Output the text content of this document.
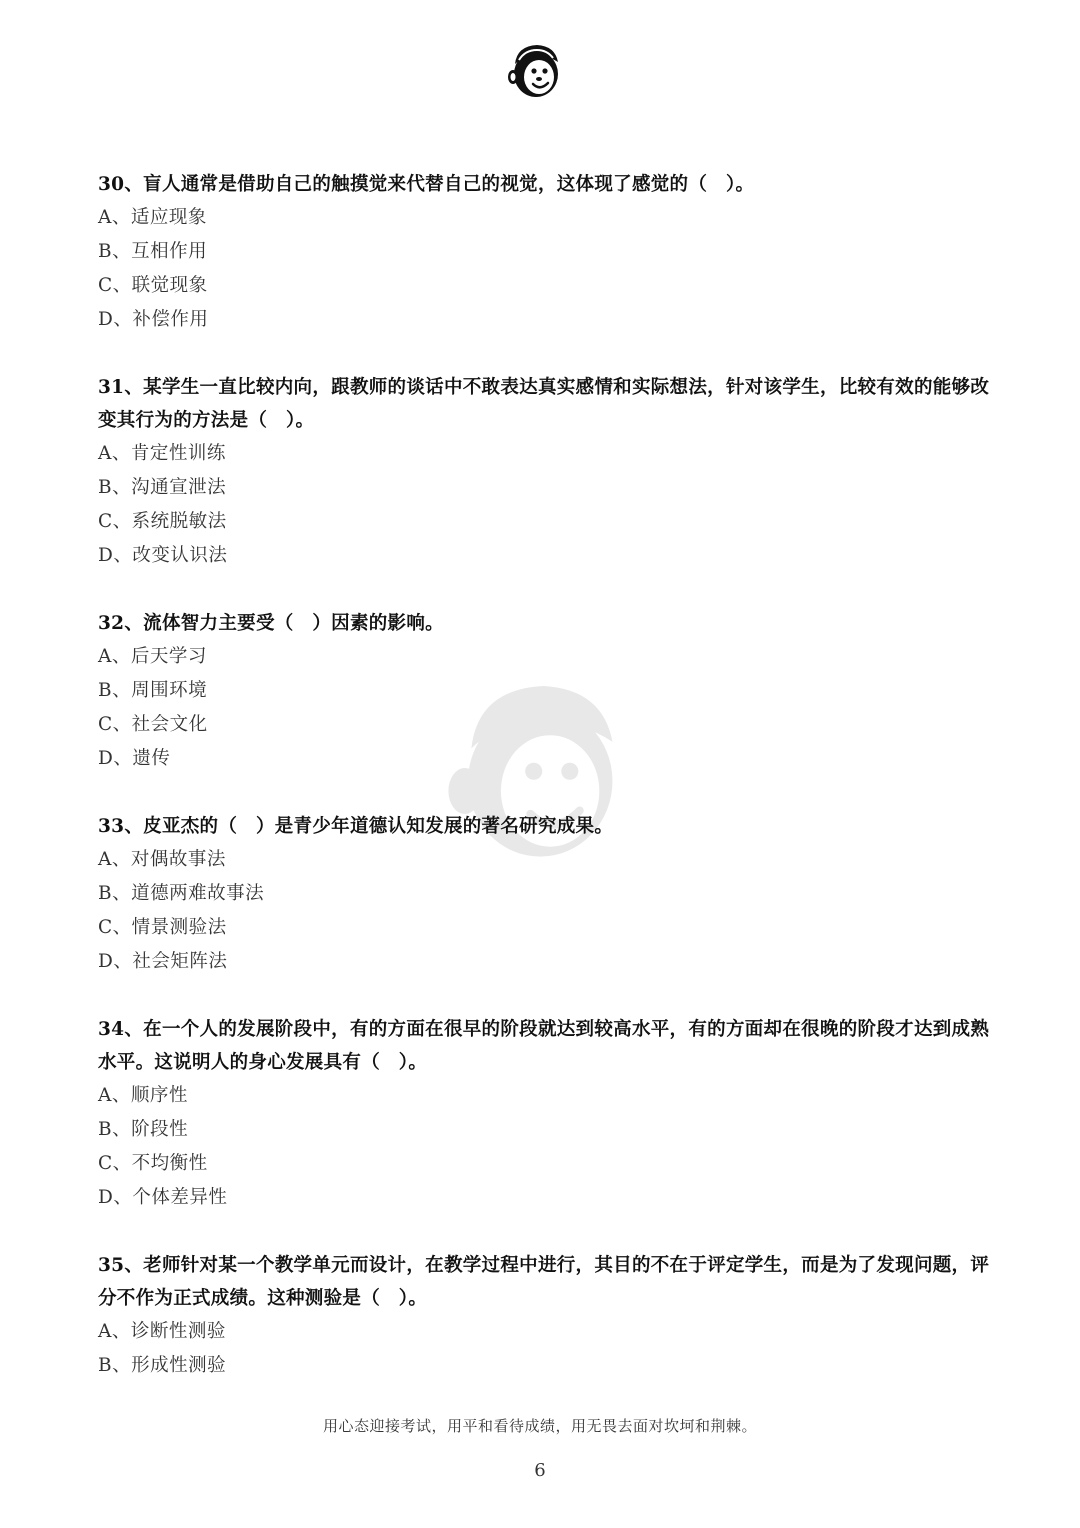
30、盲人通常是借助自己的触摸觉来代替自己的视觉，这体现了感觉的（　）。
A、适应现象
B、互相作用
C、联觉现象
D、补偿作用
31、某学生一直比较内向，跟教师的谈话中不敢表达真实感情和实际想法，针对该学生，比较有效的能够改变其行为的方法是（　）。
A、肯定性训练
B、沟通宣泄法
C、系统脱敏法
D、改变认识法
32、流体智力主要受（　）因素的影响。
A、后天学习
B、周围环境
C、社会文化
D、遗传
33、皮亚杰的（　）是青少年道德认知发展的著名研究成果。
A、对偶故事法
B、道德两难故事法
C、情景测验法
D、社会矩阵法
34、在一个人的发展阶段中，有的方面在很早的阶段就达到较高水平，有的方面却在很晚的阶段才达到成熟水平。这说明人的身心发展具有（　）。
A、顺序性
B、阶段性
C、不均衡性
D、个体差异性
35、老师针对某一个教学单元而设计，在教学过程中进行，其目的不在于评定学生，而是为了发现问题，评分不作为正式成绩。这种测验是（　）。
A、诊断性测验
B、形成性测验
用心态迎接考试，用平和看待成绩，用无畏去面对坎坷和荆棘。
6
